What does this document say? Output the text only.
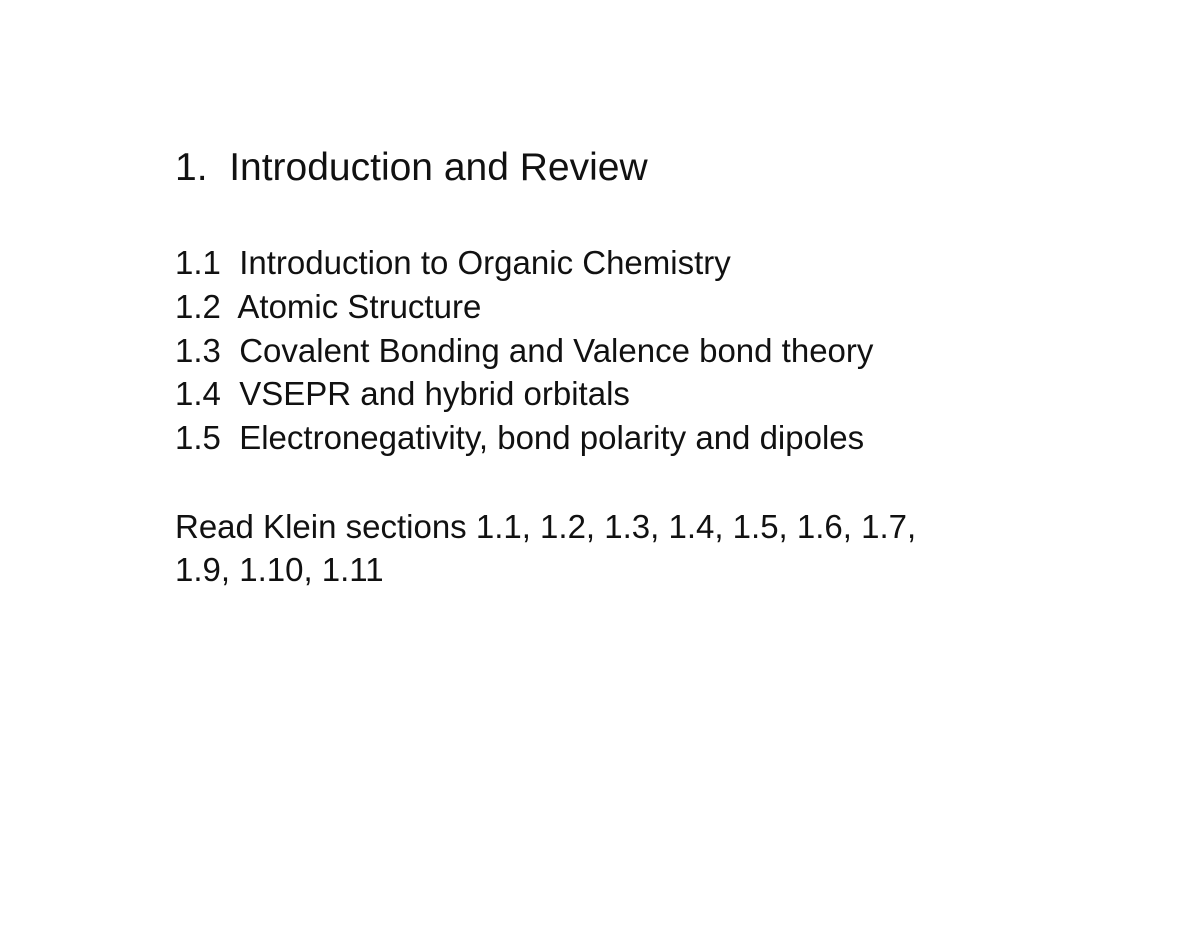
1.  Introduction and Review
1.1  Introduction to Organic Chemistry
1.2  Atomic Structure
1.3  Covalent Bonding and Valence bond theory
1.4  VSEPR and hybrid orbitals
1.5  Electronegativity, bond polarity and dipoles

Read Klein sections 1.1, 1.2, 1.3, 1.4, 1.5, 1.6, 1.7,
1.9, 1.10, 1.11
